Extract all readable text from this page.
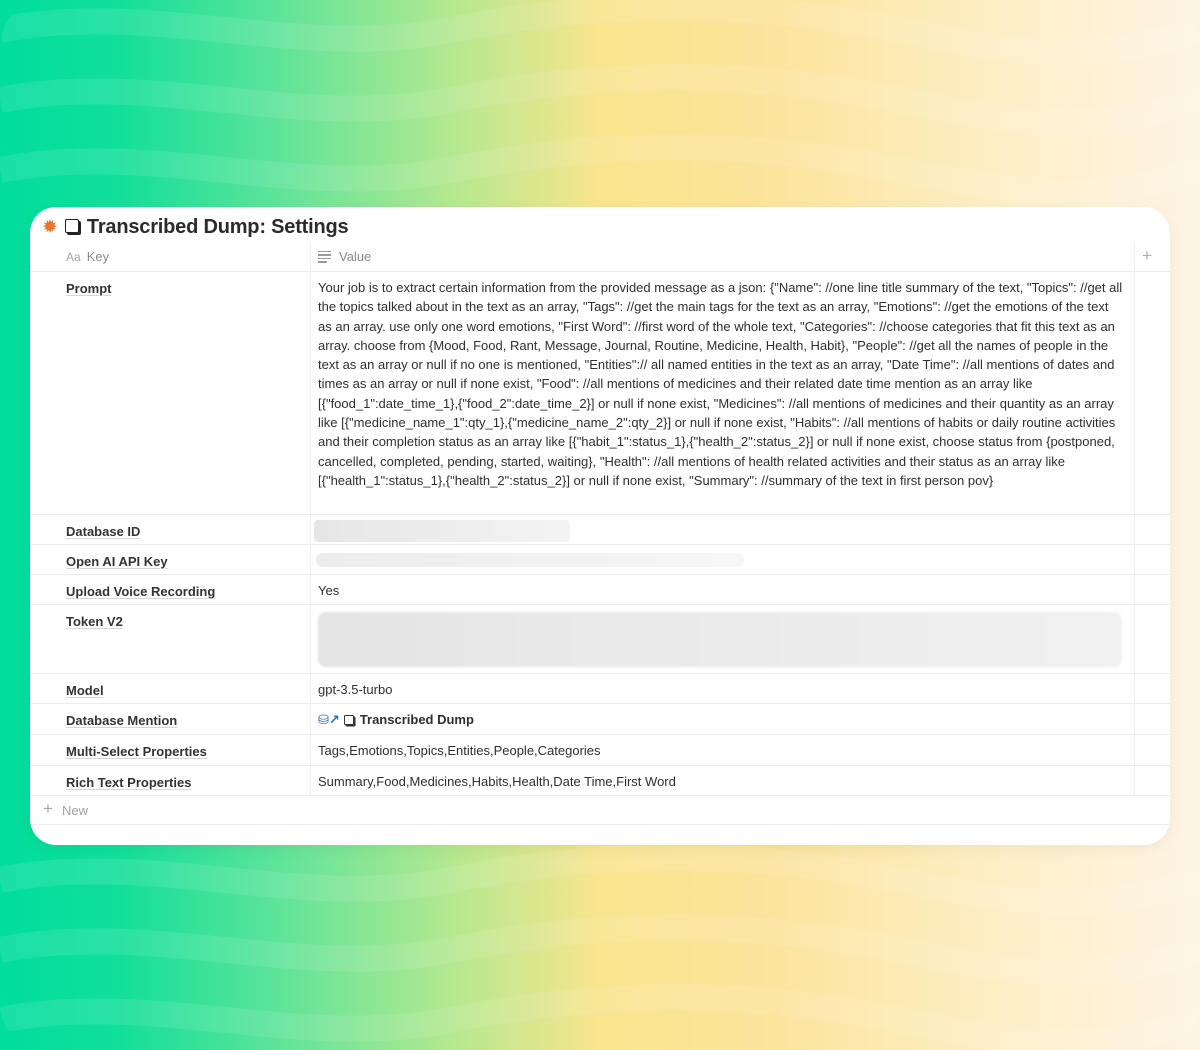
✹ Transcribed Dump: Settings
Aa Key	Value	+
Prompt	Your job is to extract certain information from the provided message as a json: {"Name": //one line title summary of the text, "Topics": //get all the topics talked about in the text as an array, "Tags": //get the main tags for the text as an array, "Emotions": //get the emotions of the text as an array. use only one word emotions, "First Word": //first word of the whole text, "Categories": //choose categories that fit this text as an array. choose from {Mood, Food, Rant, Message, Journal, Routine, Medicine, Health, Habit}, "People": //get all the names of people in the text as an array or null if no one is mentioned, "Entities":// all named entities in the text as an array, "Date Time": //all mentions of dates and times as an array or null if none exist, "Food": //all mentions of medicines and their related date time mention as an array like [{"food_1":date_time_1},{"food_2":date_time_2}] or null if none exist, "Medicines": //all mentions of medicines and their quantity as an array like [{"medicine_name_1":qty_1},{"medicine_name_2":qty_2}] or null if none exist, "Habits": //all mentions of habits or daily routine activities and their completion status as an array like [{"habit_1":status_1},{"health_2":status_2}] or null if none exist, choose status from {postponed, cancelled, completed, pending, started, waiting}, "Health": //all mentions of health related activities and their status as an array like [{"health_1":status_1},{"health_2":status_2}] or null if none exist, "Summary": //summary of the text in first person pov}
Database ID
Open AI API Key
Upload Voice Recording	Yes
Token V2
Model	gpt-3.5-turbo
Database Mention	⛁↗ Transcribed Dump
Multi-Select Properties	Tags,Emotions,Topics,Entities,People,Categories
Rich Text Properties	Summary,Food,Medicines,Habits,Health,Date Time,First Word
+ New
